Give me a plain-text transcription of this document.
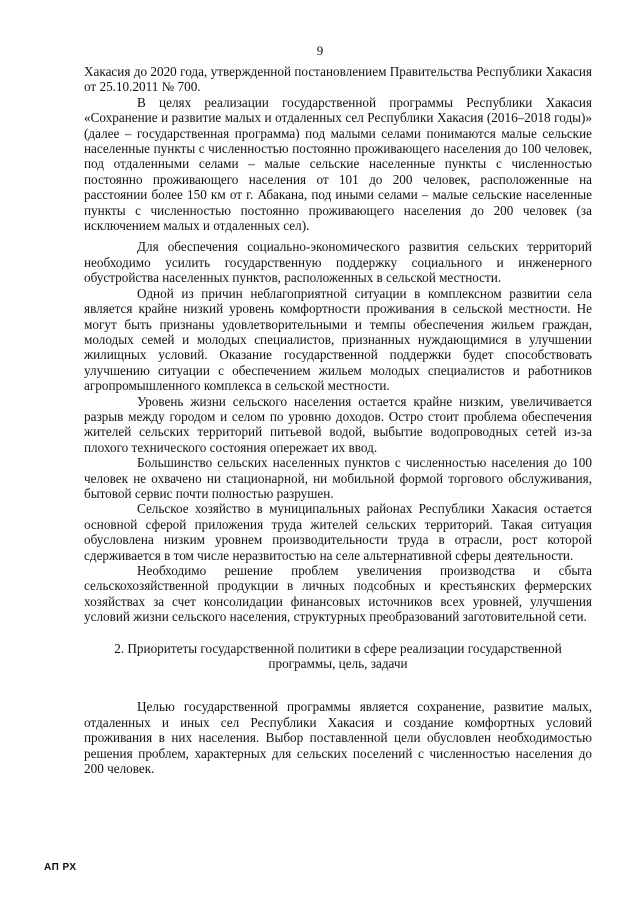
9

Хакасия до 2020 года, утвержденной постановлением Правительства Республики Хакасия от 25.10.2011 № 700.

В целях реализации государственной программы Республики Хакасия «Сохранение и развитие малых и отдаленных сел Республики Хакасия (2016–2018 годы)» (далее – государственная программа) под малыми селами понимаются малые сельские населенные пункты с численностью постоянно проживающего населения до 100 человек, под отдаленными селами – малые сельские населенные пункты с численностью постоянно проживающего населения от 101 до 200 человек, расположенные на расстоянии более 150 км от г. Абакана, под иными селами – малые сельские населенные пункты с численностью постоянно проживающего населения до 200 человек (за исключением малых и отдаленных сел).

Для обеспечения социально-экономического развития сельских территорий необходимо усилить государственную поддержку социального и инженерного обустройства населенных пунктов, расположенных в сельской местности.

Одной из причин неблагоприятной ситуации в комплексном развитии села является крайне низкий уровень комфортности проживания в сельской местности. Не могут быть признаны удовлетворительными и темпы обеспечения жильем граждан, молодых семей и молодых специалистов, признанных нуждающимися в улучшении жилищных условий. Оказание государственной поддержки будет способствовать улучшению ситуации с обеспечением жильем молодых специалистов и работников агропромышленного комплекса в сельской местности.

Уровень жизни сельского населения остается крайне низким, увеличивается разрыв между городом и селом по уровню доходов. Остро стоит проблема обеспечения жителей сельских территорий питьевой водой, выбытие водопроводных сетей из-за плохого технического состояния опережает их ввод.

Большинство сельских населенных пунктов с численностью населения до 100 человек не охвачено ни стационарной, ни мобильной формой торгового обслуживания, бытовой сервис почти полностью разрушен.

Сельское хозяйство в муниципальных районах Республики Хакасия остается основной сферой приложения труда жителей сельских территорий. Такая ситуация обусловлена низким уровнем производительности труда в отрасли, рост которой сдерживается в том числе неразвитостью на селе альтернативной сферы деятельности.

Необходимо решение проблем увеличения производства и сбыта сельскохозяйственной продукции в личных подсобных и крестьянских фермерских хозяйствах за счет консолидации финансовых источников всех уровней, улучшения условий жизни сельского населения, структурных преобразований заготовительной сети.

2. Приоритеты государственной политики в сфере реализации государственной программы, цель, задачи

Целью государственной программы является сохранение, развитие малых, отдаленных и иных сел Республики Хакасия и создание комфортных условий проживания в них населения. Выбор поставленной цели обусловлен необходимостью решения проблем, характерных для сельских поселений с численностью населения до 200 человек.

АП РХ
